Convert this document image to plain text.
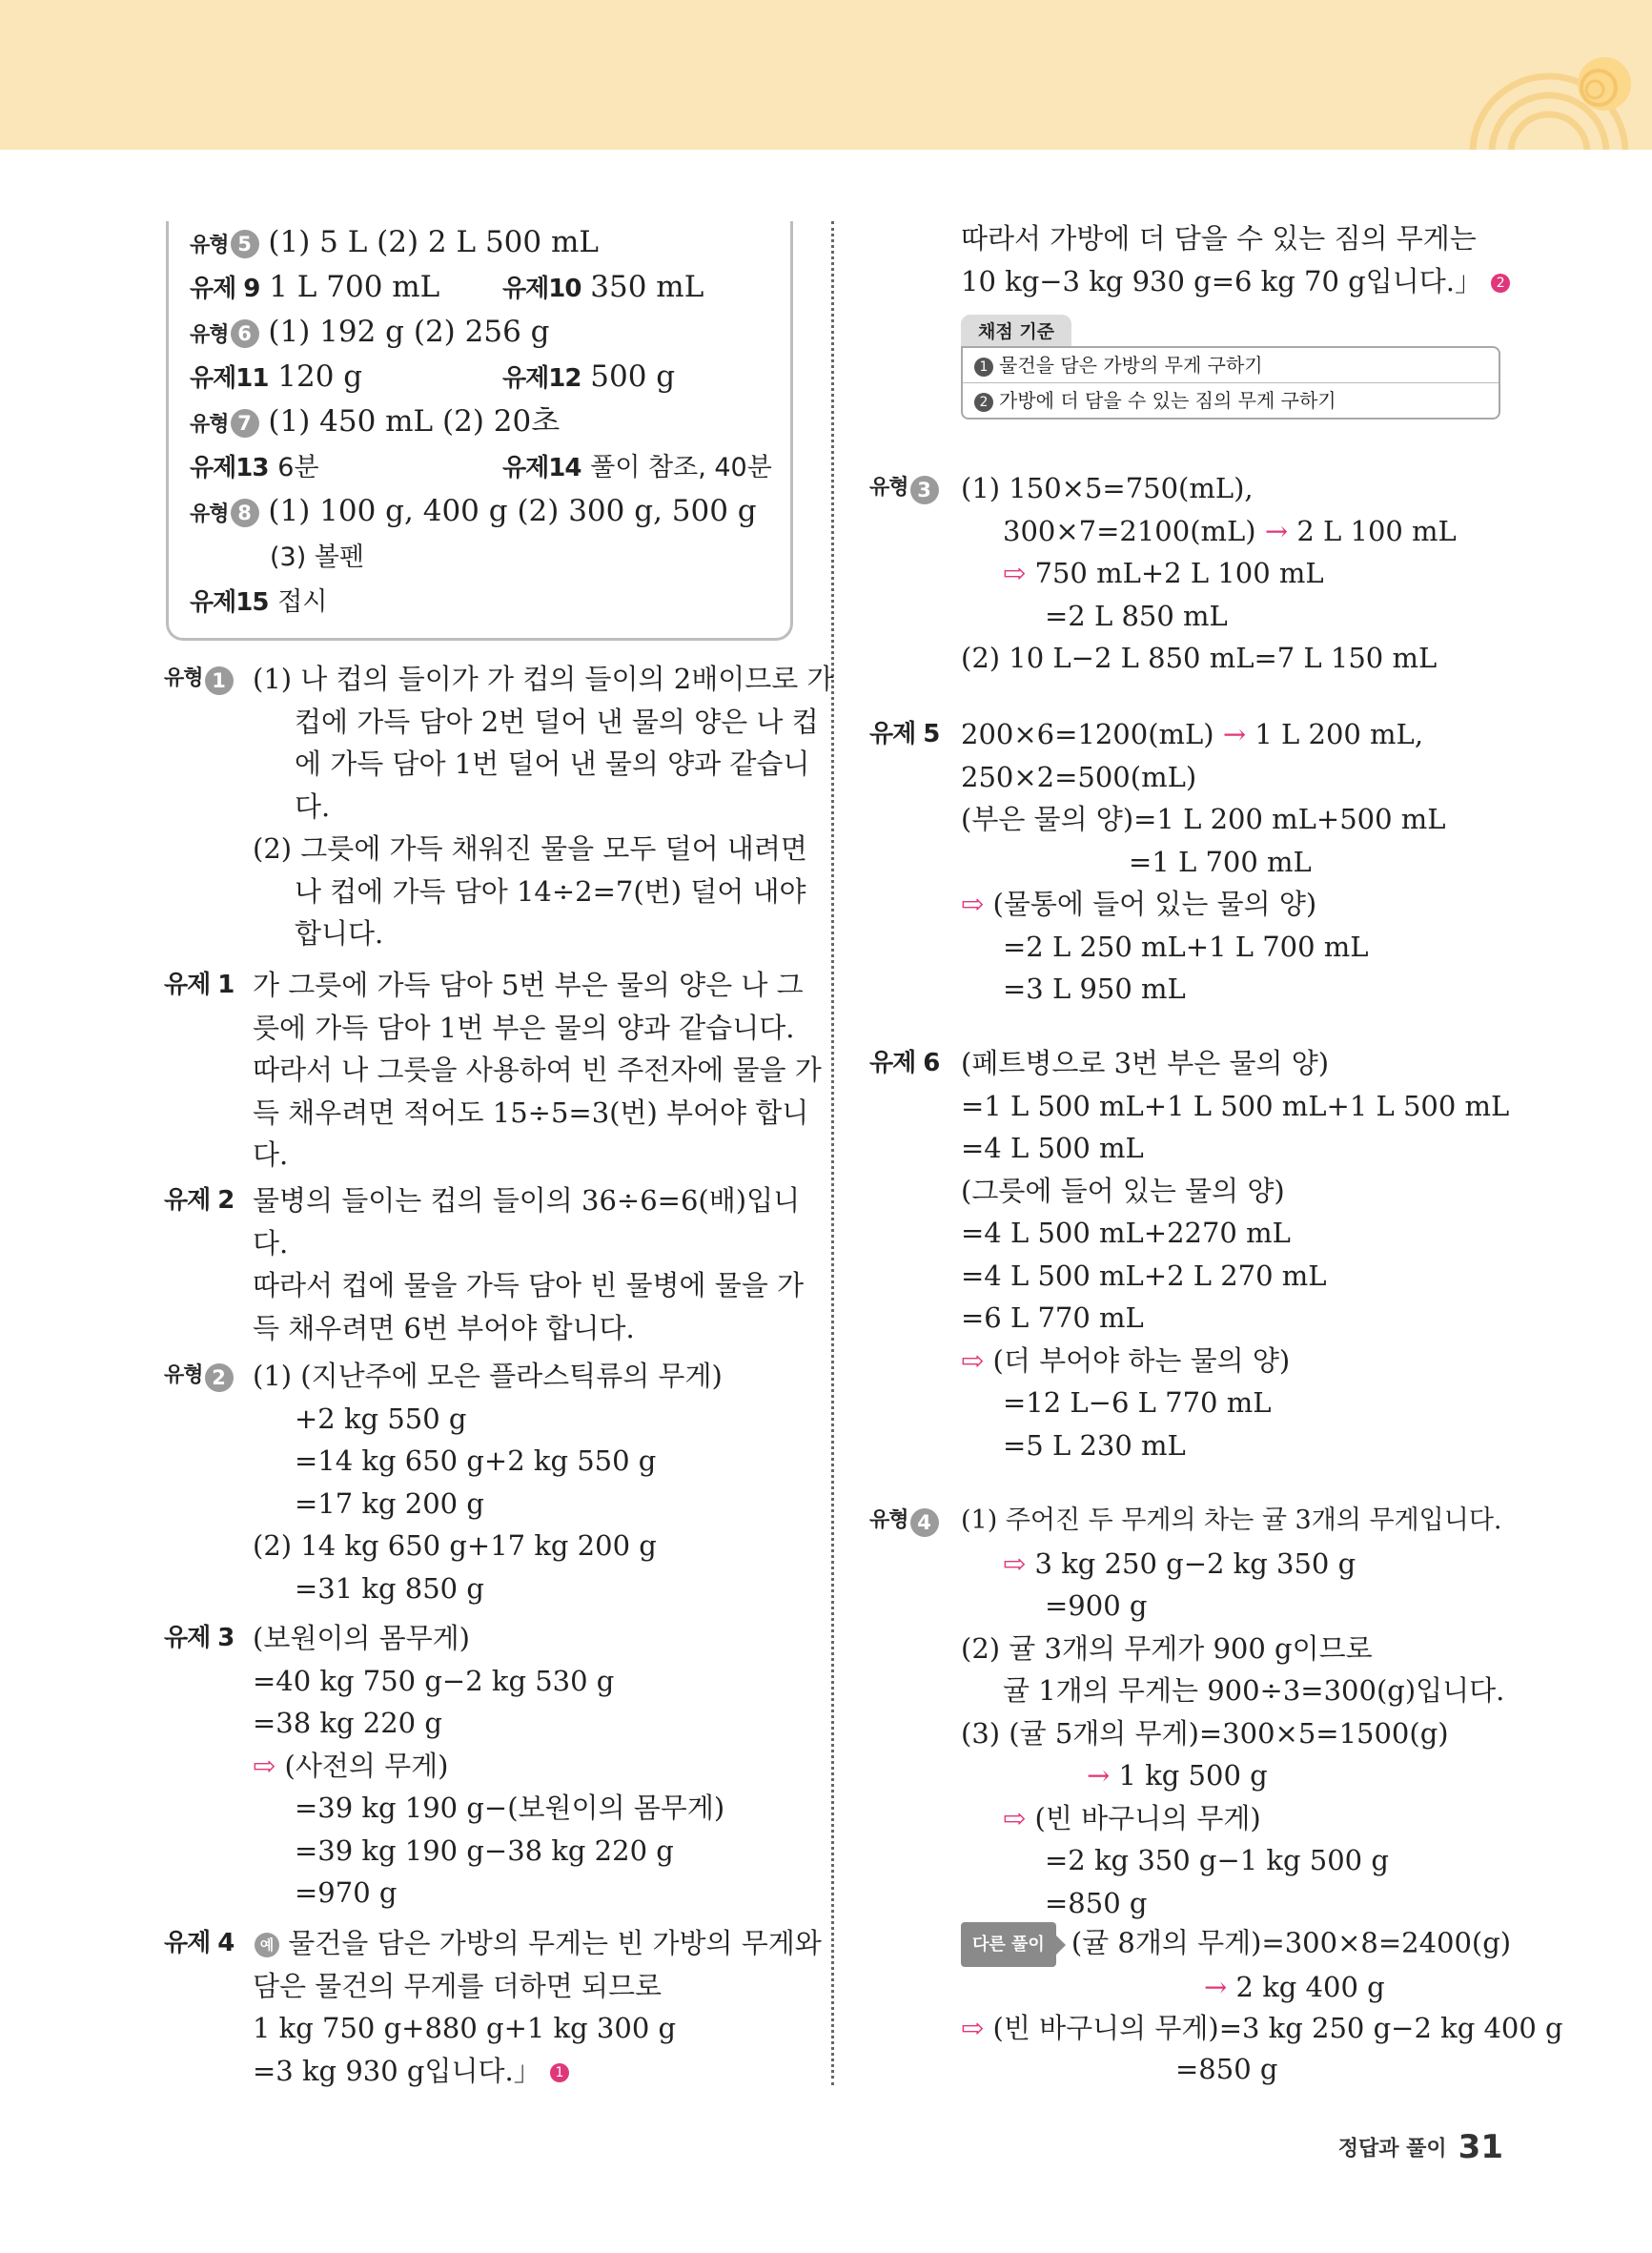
유형 5 (1) 5 L (2) 2 L 500 mL
유제 9 1 L 700 mL	유제10 350 mL
유형 6 (1) 192 g (2) 256 g
유제11 120 g	유제12 500 g
유형 7 (1) 450 mL (2) 20초
유제13 6분	유제14 풀이 참조, 40분
유형 8 (1) 100 g, 400 g (2) 300 g, 500 g
(3) 볼펜
유제15 접시
유형 1 (1) 나 컵의 들이가 가 컵의 들이의 2배이므로 가
컵에 가득 담아 2번 덜어 낸 물의 양은 나 컵
에 가득 담아 1번 덜어 낸 물의 양과 같습니
다.
(2) 그릇에 가득 채워진 물을 모두 덜어 내려면
나 컵에 가득 담아 14÷2=7(번) 덜어 내야
합니다.
유제 1 가 그릇에 가득 담아 5번 부은 물의 양은 나 그
릇에 가득 담아 1번 부은 물의 양과 같습니다.
따라서 나 그릇을 사용하여 빈 주전자에 물을 가
득 채우려면 적어도 15÷5=3(번) 부어야 합니
다.
유제 2 물병의 들이는 컵의 들이의 36÷6=6(배)입니
다.
따라서 컵에 물을 가득 담아 빈 물병에 물을 가
득 채우려면 6번 부어야 합니다.
유형 2 (1) (지난주에 모은 플라스틱류의 무게)
+2 kg 550 g
=14 kg 650 g+2 kg 550 g
=17 kg 200 g
(2) 14 kg 650 g+17 kg 200 g
=31 kg 850 g
유제 3 (보원이의 몸무게)
=40 kg 750 g−2 kg 530 g
=38 kg 220 g
⇨ (사전의 무게)
=39 kg 190 g−(보원이의 몸무게)
=39 kg 190 g−38 kg 220 g
=970 g
유제 4	예 물건을 담은 가방의 무게는 빈 가방의 무게와
담은 물건의 무게를 더하면 되므로
1 kg 750 g+880 g+1 kg 300 g
=3 kg 930 g입니다.」 1
따라서 가방에 더 담을 수 있는 짐의 무게는
10 kg−3 kg 930 g=6 kg 70 g입니다.」 2
채점 기준
1 물건을 담은 가방의 무게 구하기
2 가방에 더 담을 수 있는 짐의 무게 구하기
유형 3 (1) 150×5=750(mL),
300×7=2100(mL) → 2 L 100 mL
⇨ 750 mL+2 L 100 mL
=2 L 850 mL
(2) 10 L−2 L 850 mL=7 L 150 mL
유제 5 200×6=1200(mL) → 1 L 200 mL,
250×2=500(mL)
(부은 물의 양)=1 L 200 mL+500 mL
=1 L 700 mL
⇨ (물통에 들어 있는 물의 양)
=2 L 250 mL+1 L 700 mL
=3 L 950 mL
유제 6 (페트병으로 3번 부은 물의 양)
=1 L 500 mL+1 L 500 mL+1 L 500 mL
=4 L 500 mL
(그릇에 들어 있는 물의 양)
=4 L 500 mL+2270 mL
=4 L 500 mL+2 L 270 mL
=6 L 770 mL
⇨ (더 부어야 하는 물의 양)
=12 L−6 L 770 mL
=5 L 230 mL
유형 4 (1) 주어진 두 무게의 차는 귤 3개의 무게입니다.
⇨ 3 kg 250 g−2 kg 350 g
=900 g
(2) 귤 3개의 무게가 900 g이므로
귤 1개의 무게는 900÷3=300(g)입니다.
(3) (귤 5개의 무게)=300×5=1500(g)
→ 1 kg 500 g
⇨ (빈 바구니의 무게)
=2 kg 350 g−1 kg 500 g
=850 g
다른 풀이 (귤 8개의 무게)=300×8=2400(g)
→ 2 kg 400 g
⇨ (빈 바구니의 무게)=3 kg 250 g−2 kg 400 g
=850 g
정답과 풀이 31
